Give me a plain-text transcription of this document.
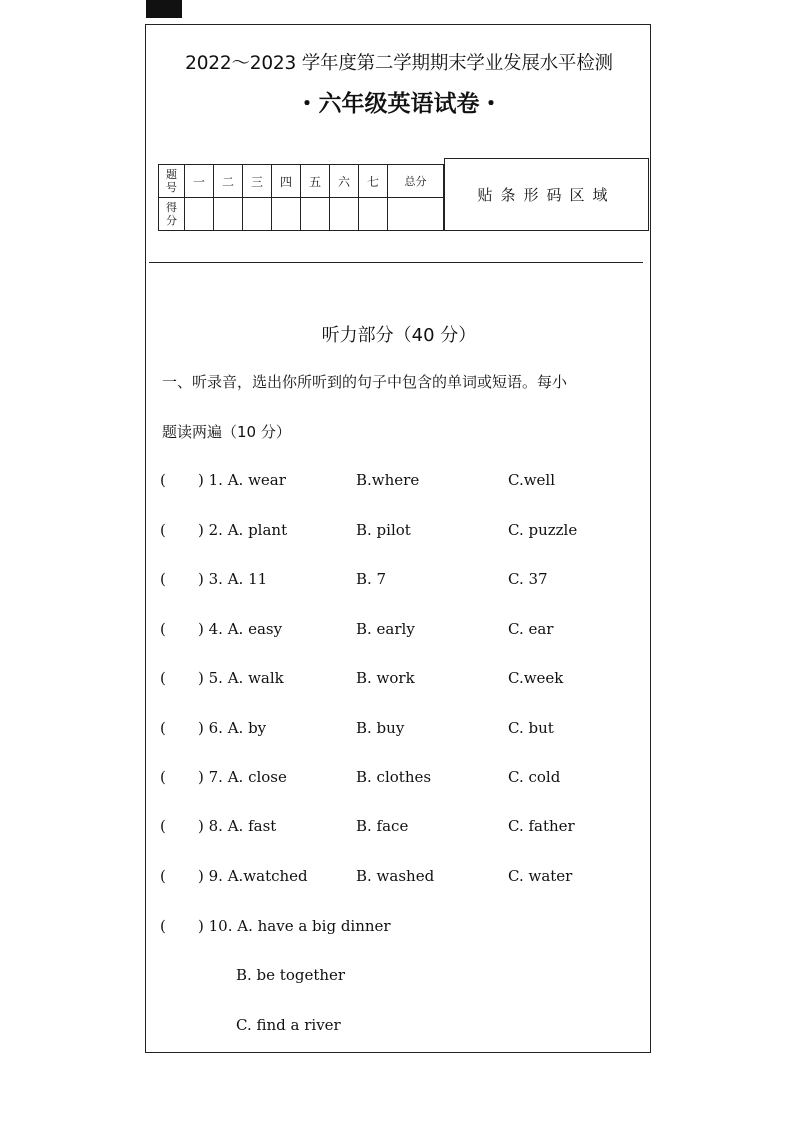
2022～2023 学年度第二学期期末学业发展水平检测
・六年级英语试卷・
题号	一	二	三	四	五	六	七	总分
得分								
贴条形码区域
听力部分（40 分）
一、听录音，选出你所听到的句子中包含的单词或短语。每小
题读两遍（10 分）
( ) 1. A. wear	B.where	C.well
( ) 2. A. plant	B. pilot	C. puzzle
( ) 3. A. 11	B. 7	C. 37
( ) 4. A. easy	B. early	C. ear
( ) 5. A. walk	B. work	C.week
( ) 6. A. by	B. buy	C. but
( ) 7. A. close	B. clothes	C. cold
( ) 8. A. fast	B. face	C. father
( ) 9. A.watched	B. washed	C. water
( ) 10. A. have a big dinner
B. be together
C. find a river
